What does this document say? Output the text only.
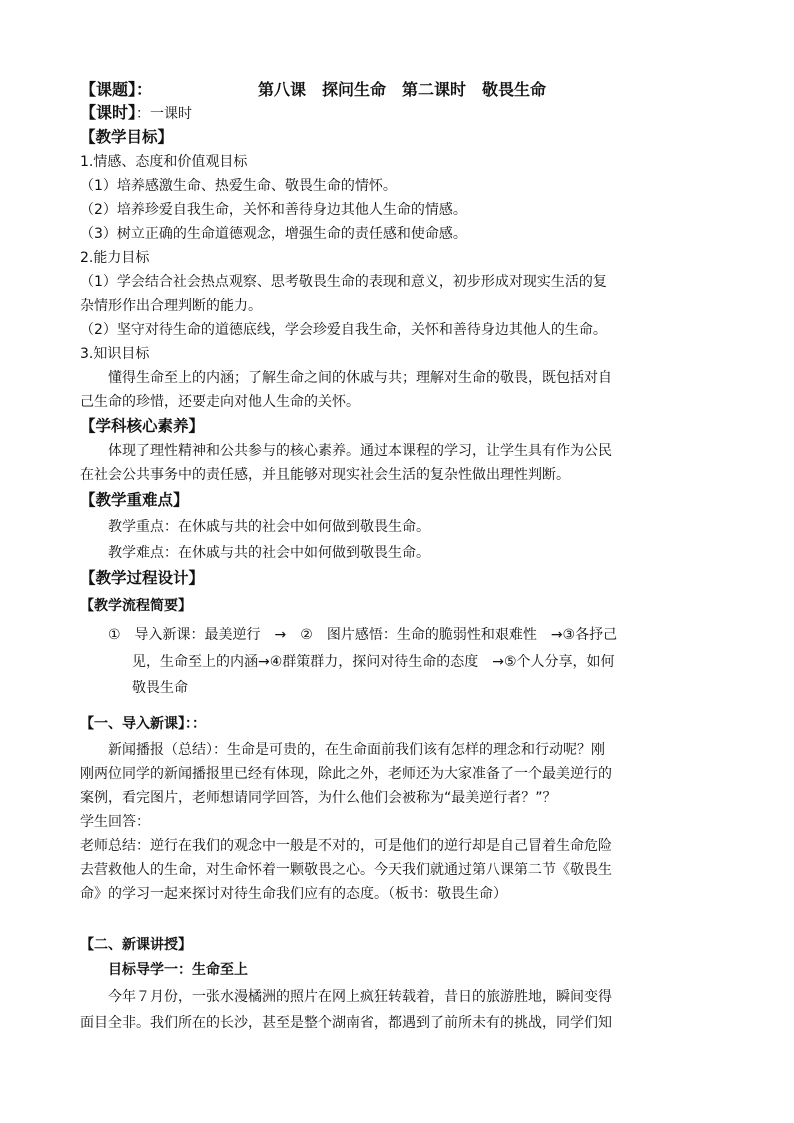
【课题】：	第八课　探问生命　第二课时　敬畏生命
【课时】：一课时
【教学目标】
1.情感、态度和价值观目标
（1）培养感激生命、热爱生命、敬畏生命的情怀。
（2）培养珍爱自我生命，关怀和善待身边其他人生命的情感。
（3）树立正确的生命道德观念，增强生命的责任感和使命感。
2.能力目标
（1）学会结合社会热点观察、思考敬畏生命的表现和意义，初步形成对现实生活的复
杂情形作出合理判断的能力。
（2）坚守对待生命的道德底线，学会珍爱自我生命，关怀和善待身边其他人的生命。
3.知识目标
懂得生命至上的内涵；了解生命之间的休戚与共；理解对生命的敬畏，既包括对自
己生命的珍惜，还要走向对他人生命的关怀。
【学科核心素养】
体现了理性精神和公共参与的核心素养。通过本课程的学习，让学生具有作为公民
在社会公共事务中的责任感，并且能够对现实社会生活的复杂性做出理性判断。
【教学重难点】
教学重点：在休戚与共的社会中如何做到敬畏生命。
教学难点：在休戚与共的社会中如何做到敬畏生命。
【教学过程设计】
【教学流程简要】
①　导入新课：最美逆行　→　②　图片感悟：生命的脆弱性和艰难性　→③各抒己
见，生命至上的内涵→④群策群力，探问对待生命的态度　→⑤个人分享，如何
敬畏生命
【一、导入新课】：：
新闻播报（总结）：生命是可贵的，在生命面前我们该有怎样的理念和行动呢？刚
刚两位同学的新闻播报里已经有体现，除此之外，老师还为大家准备了一个最美逆行的
案例，看完图片，老师想请同学回答，为什么他们会被称为“最美逆行者？”？
学生回答：
老师总结：逆行在我们的观念中一般是不对的，可是他们的逆行却是自己冒着生命危险
去营救他人的生命，对生命怀着一颗敬畏之心。今天我们就通过第八课第二节《敬畏生
命》的学习一起来探讨对待生命我们应有的态度。（板书：敬畏生命）
【二、新课讲授】
目标导学一：生命至上
今年７月份，一张水漫橘洲的照片在网上疯狂转载着，昔日的旅游胜地，瞬间变得
面目全非。我们所在的长沙，甚至是整个湖南省，都遇到了前所未有的挑战，同学们知
